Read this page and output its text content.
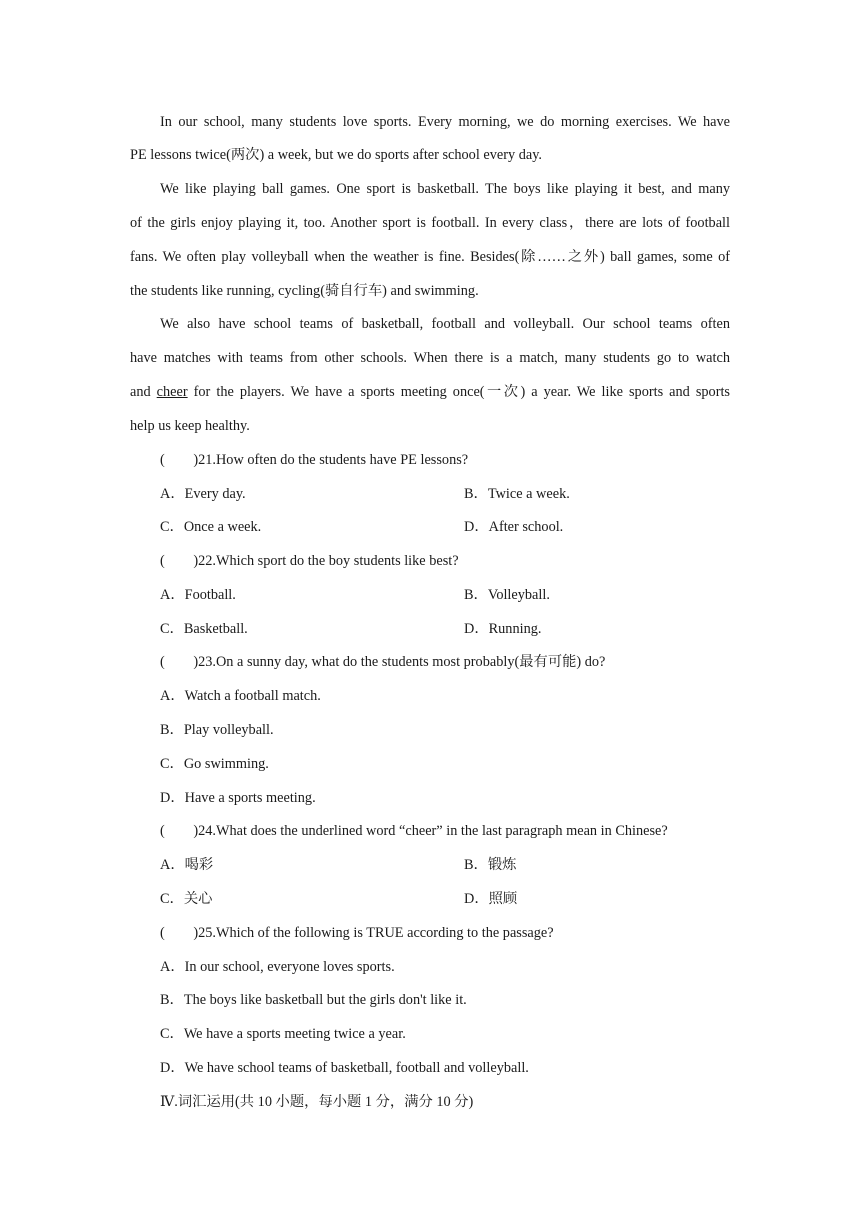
In our school, many students love sports. Every morning, we do morning exercises. We have
PE lessons twice(两次) a week, but we do sports after school every day.
We like playing ball games. One sport is basketball. The boys like playing it best, and many
of the girls enjoy playing it, too. Another sport is football. In every class，there are lots of football
fans. We often play volleyball when the weather is fine. Besides(除……之外) ball games, some of
the students like running, cycling(骑自行车) and swimming.
We also have school teams of basketball, football and volleyball. Our school teams often
have matches with teams from other schools. When there is a match, many students go to watch
and cheer for the players. We have a sports meeting once(一次) a year. We like sports and sports
help us keep healthy.
(　　)21.How often do the students have PE lessons?
A．Every day.	B．Twice a week.
C．Once a week.	D．After school.
(　　)22.Which sport do the boy students like best?
A．Football.	B．Volleyball.
C．Basketball.	D．Running.
(　　)23.On a sunny day, what do the students most probably(最有可能) do?
A．Watch a football match.
B．Play volleyball.
C．Go swimming.
D．Have a sports meeting.
(　　)24.What does the underlined word “cheer” in the last paragraph mean in Chinese?
A．喝彩	B．锻炼
C．关心	D．照顾
(　　)25.Which of the following is TRUE according to the passage?
A．In our school, everyone loves sports.
B．The boys like basketball but the girls don't like it.
C．We have a sports meeting twice a year.
D．We have school teams of basketball, football and volleyball.
Ⅳ.词汇运用(共 10 小题，每小题 1 分，满分 10 分)
